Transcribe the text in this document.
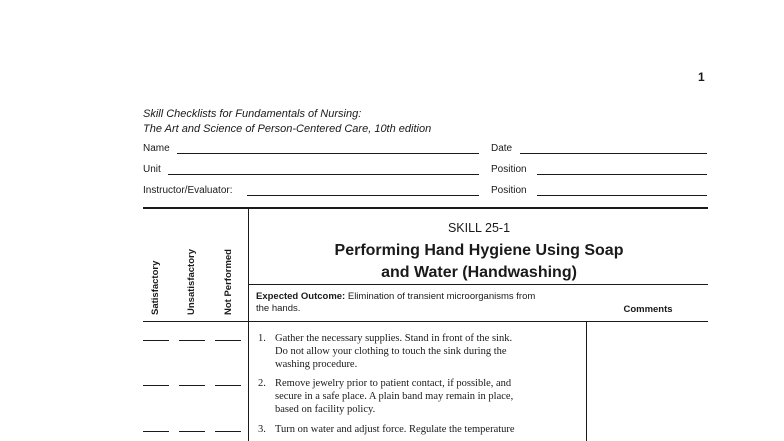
1
Skill Checklists for Fundamentals of Nursing:
The Art and Science of Person-Centered Care, 10th edition
Name	Date
Unit	Position
Instructor/Evaluator:	Position
Satisfactory	Unsatisfactory	Not Performed
SKILL 25-1
Performing Hand Hygiene Using Soap
and Water (Handwashing)
Expected Outcome: Elimination of transient microorganisms from
the hands.	Comments
1. Gather the necessary supplies. Stand in front of the sink.
Do not allow your clothing to touch the sink during the
washing procedure.
2. Remove jewelry prior to patient contact, if possible, and
secure in a safe place. A plain band may remain in place,
based on facility policy.
3. Turn on water and adjust force. Regulate the temperature
